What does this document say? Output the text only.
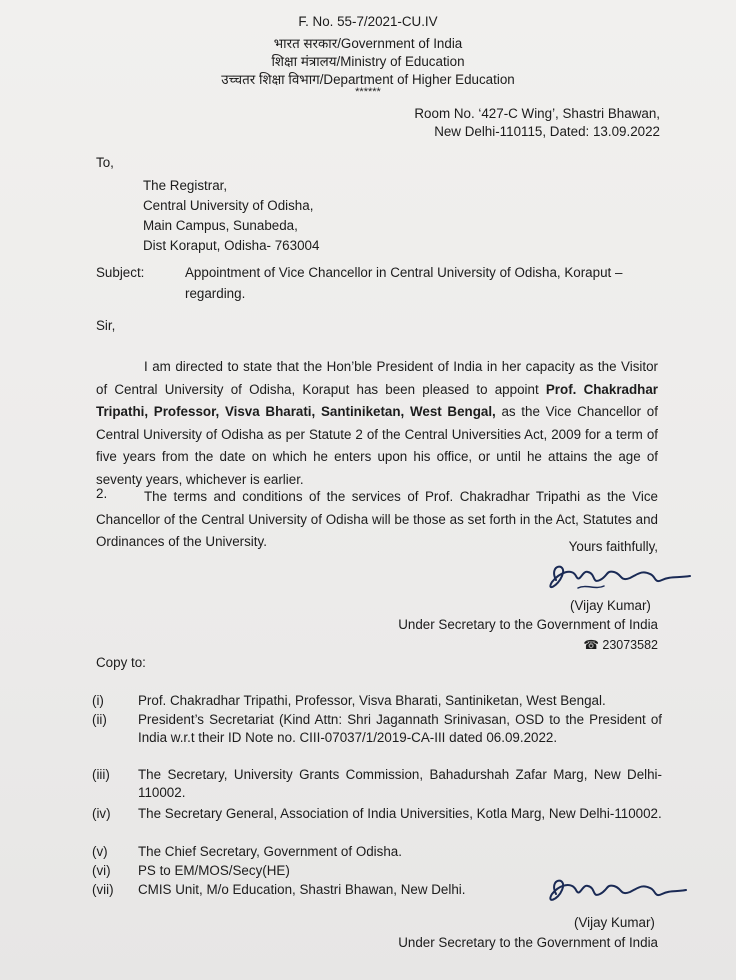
F. No. 55-7/2021-CU.IV
भारत सरकार/Government of India
शिक्षा मंत्रालय/Ministry of Education
उच्चतर शिक्षा विभाग/Department of Higher Education
******
Room No. ‘427-C Wing’, Shastri Bhawan,
New Delhi-110115, Dated: 13.09.2022
To,
The Registrar,
Central University of Odisha,
Main Campus, Sunabeda,
Dist Koraput, Odisha- 763004
Subject:	Appointment of Vice Chancellor in Central University of Odisha, Koraput –
regarding.
Sir,
I am directed to state that the Hon’ble President of India in her capacity as the Visitor of Central University of Odisha, Koraput has been pleased to appoint Prof. Chakradhar Tripathi, Professor, Visva Bharati, Santiniketan, West Bengal, as the Vice Chancellor of Central University of Odisha as per Statute 2 of the Central Universities Act, 2009 for a term of five years from the date on which he enters upon his office, or until he attains the age of seventy years, whichever is earlier.
2.	The terms and conditions of the services of Prof. Chakradhar Tripathi as the Vice Chancellor of the Central University of Odisha will be those as set forth in the Act, Statutes and Ordinances of the University.	Yours faithfully,
(Vijay Kumar)
Under Secretary to the Government of India
☎ 23073582
Copy to:
(i)	Prof. Chakradhar Tripathi, Professor, Visva Bharati, Santiniketan, West Bengal.
(ii) President’s Secretariat (Kind Attn: Shri Jagannath Srinivasan, OSD to the President of India w.r.t their ID Note no. CIII-07037/1/2019-CA-III dated 06.09.2022.
(iii) The Secretary, University Grants Commission, Bahadurshah Zafar Marg, New Delhi-110002.
(iv) The Secretary General, Association of India Universities, Kotla Marg, New Delhi-110002.
(v) The Chief Secretary, Government of Odisha.
(vi) PS to EM/MOS/Secy(HE)
(vii) CMIS Unit, M/o Education, Shastri Bhawan, New Delhi.
(Vijay Kumar)
Under Secretary to the Government of India
